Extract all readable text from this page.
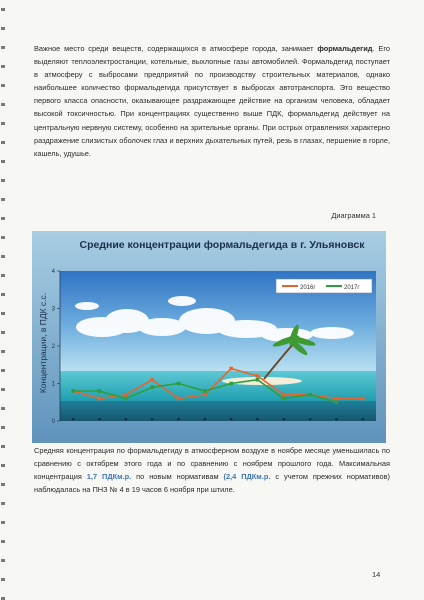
Важное место среди веществ, содержащихся в атмосфере города, занимает формальдегид. Его выделяют теплоэлектростанции, котельные, выхлопные газы автомобилей. Формальдегид поступает в атмосферу с выбросами предприятий по производству строительных материалов, однако наибольшее количество формальдегида присутствует в выбросах автотранспорта. Это вещество первого класса опасности, оказывающее раздражающее действие на организм человека, обладает высокой токсичностью. При концентрациях существенно выше ПДК, формальдегид действует на центральную нервную систему, особенно на зрительные органы. При острых отравлениях характерно раздражение слизистых оболочек глаз и верхних дыхательных путей, резь в глазах, першение в горле, кашель, удушье.

Диаграмма 1
Средние концентрации формальдегида в г. Ульяновск
Концентрации, в ПДК с.с.
0
1
2
3
4
2016г	2017г

Средняя концентрация по формальдегиду в атмосферном воздухе в ноябре месяце уменьшилась по сравнению с октябрем этого года и по сравнению с ноябрем прошлого года. Максимальная концентрация 1,7 ПДКм.р. по новым нормативам (2,4 ПДКм.р. с учетом прежних нормативов) наблюдалась на ПНЗ № 4 в 19 часов 6 ноября при штиле.

14
